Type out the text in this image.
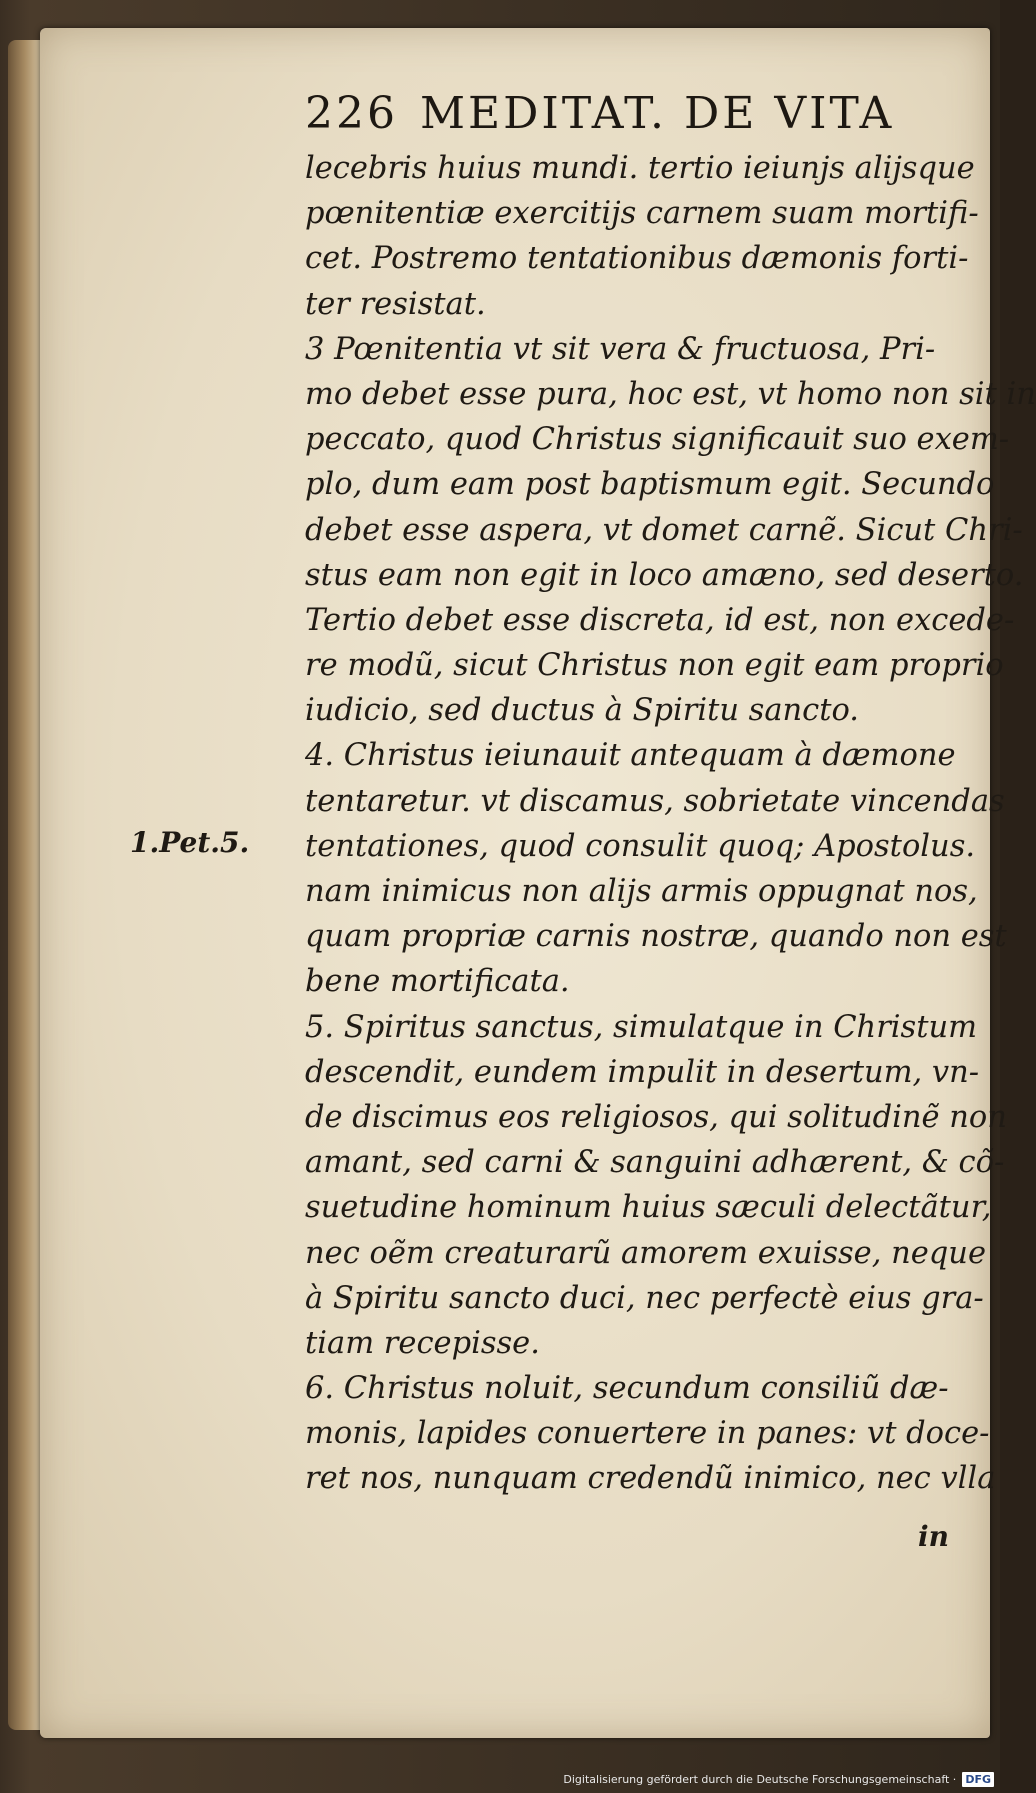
226 MEDITAT. DE VITA
lecebris huius mundi. tertio ieiunjs alijsque
pœnitentiæ exercitijs carnem suam mortifi-
cet. Postremo tentationibus dæmonis forti-
ter resistat.
3 Pœnitentia vt sit vera & fructuosa, Pri-
mo debet esse pura, hoc est, vt homo non sit in
peccato, quod Christus significauit suo exem-
plo, dum eam post baptismum egit. Secundo
debet esse aspera, vt domet carnẽ. Sicut Chri-
stus eam non egit in loco amæno, sed deserto.
Tertio debet esse discreta, id est, non excede-
re modũ, sicut Christus non egit eam proprio
iudicio, sed ductus à Spiritu sancto.
4. Christus ieiunauit antequam à dæmone
tentaretur. vt discamus, sobrietate vincendas
tentationes, quod consulit quoq; Apostolus.
nam inimicus non alijs armis oppugnat nos,
quam propriæ carnis nostræ, quando non est
bene mortificata.
5. Spiritus sanctus, simulatque in Christum
descendit, eundem impulit in desertum, vn-
de discimus eos religiosos, qui solitudinẽ non
amant, sed carni & sanguini adhærent, & cõ-
suetudine hominum huius sæculi delectãtur,
nec oẽm creaturarũ amorem exuisse, neque
à Spiritu sancto duci, nec perfectè eius gra-
tiam recepisse.
6. Christus noluit, secundum consiliũ dæ-
monis, lapides conuertere in panes: vt doce-
ret nos, nunquam credendũ inimico, nec vlla
1.Pet.5.
in
Digitalisierung gefördert durch die Deutsche Forschungsgemeinschaft · DFG
